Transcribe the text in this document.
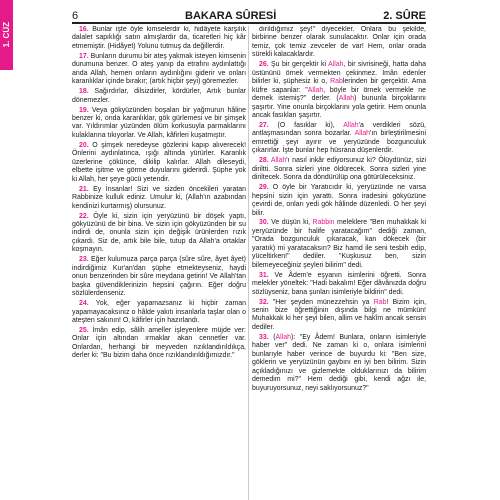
1. CÜZ
6	BAKARA SÛRESİ	2. SÛRE

16. Bunlar işte öyle kimselerdir ki, hidâyete karşılık dalalet sapıklığı satın almışlardır da, ticaretleri hiç kâr etmemiştir. (Hidâyet) Yolunu tutmuş da değillerdir.

17. Bunların durumu bir ateş yakmak isteyen kimsenin durumuna benzer. O ateş yanıp da etrafını aydınlattığı anda Allah, hemen onların aydınlığını giderir ve onları karanlıklar içinde bırakır; (artık hiçbir şeyi) göremezler.

18. Sağırdırlar, dilsizdirler, kördürler, Artık bunlar dönemezler.

19. Veya gökyüzünden boşalan bir yağmurun hâline benzer ki, onda karanlıklar, gök gürlemesi ve bir şimşek var. Yıldırımlar yüzünden ölüm korkusuyla parmaklarını kulaklarına tıkıyorlar. Ve Allah, kâfirleri kuşatmıştır.

20. O şimşek neredeyse gözlerini kapıp alıverecek! Önlerini aydınlatınca, ışığı altında yürürler. Karanlık üzerlerine çökünce, dikilip kalırlar. Allah dileseydi, elbette işitme ve görme duyularını giderirdi. Şüphe yok ki Allah, her şeye gücü yetendir.

21. Ey İnsanlar! Sizi ve sizden öncekileri yaratan Rabbinize kulluk ediniz. Umulur ki, (Allah'ın azabından kendinizi kurtarmış) olursunuz.

22. Öyle ki, sizin için yeryüzünü bir döşek yaptı, gökyüzünü de bir bina. Ve sizin için gökyüzünden bir su indirdi de, onunla sizin için değişik ürünlerden rızık çıkardı. Siz de, artık bile bile, tutup da Allah'a ortaklar koşmayın.

23. Eğer kulumuza parça parça (sûre sûre, âyet âyet) indirdiğimiz Kur'an'dan şüphe etmekteyseniz, haydi onun benzerinden bir sûre meydana getirin! Ve Allah'tan başka güvendiklerinizin hepsini çağırın. Eğer doğru sözlülerdenseniz.

24. Yok, eğer yapamazsanız ki hiçbir zaman yapamayacaksınız o hâlde yakıtı insanlarla taşlar olan o ateşten sakının! O, kâfirler için hazırlandı.

25. İmân edip, sâlih ameller işleyenlere müjde ver: Onlar için altından ırmaklar akan cennetler var. Onlardan, herhangi bir meyveden rızıklandırıldıkça, derler ki: "Bu bizim daha önce rızıklandırıldığımızdır."

dırıldığımız şey!" diyecekler. Onlara bu şekilde, birbirine benzer olarak sunulacaktır. Onlar için orada temiz, çok temiz zevceler de var! Hem, onlar orada sürekli kalacaklardır.

26. Şu bir gerçektir ki Allah, bir sivrisineği, hatta daha üstününü örnek vermekten çekinmez. İmân edenler bilirler ki, şüphesiz ki o, Rablerinden bir gerçektir. Ama küfre sapanlar: "Allah, böyle bir örnek vermekle ne demek istemiş?" derler. (Allah) bununla birçoklarını şaşırtır. Yine onunla birçoklarını yola getirir. Hem onunla ancak fasıkları şaşırtır.

27. (O fasıklar ki), Allah'a verdikleri sözü, antlaşmasından sonra bozarlar. Allah'ın birleştirilmesini emrettiği şeyi ayırır ve yeryüzünde bozgunculuk çıkarırlar. İşte bunlar hep hüsrana düşenlerdir.

28. Allah'ı nasıl inkâr ediyorsunuz ki? Ölüydünüz, sizi diriltti. Sonra sizleri yine öldürecek. Sonra sizleri yine diriltecek. Sonra da döndürülüp ona götürüleceksiniz.

29. O öyle bir Yaratıcıdır ki, yeryüzünde ne varsa hepsini sizin için yarattı. Sonra iradesini gökyüzüne çevirdi de, onları yedi gök hâlinde düzenledi. O her şeyi bilir.

30. Ve düşün ki, Rabbin meleklere "Ben muhakkak ki yeryüzünde bir halife yaratacağım" dediği zaman, "Orada bozgunculuk çıkaracak, kan dökecek (bir yaratık) mi yaratacaksın? Biz hamd ile seni tesbih edip, yüceltirken!" dediler. "Kuşkusuz ben, sizin bilemeyeceğiniz şeyleri bilirim" dedi.

31. Ve Âdem'e eşyanın isimlerini öğretti. Sonra melekler yöneltek: "Hadi bakalım! Eğer dâvânızda doğru sözlüyseniz, bana şunları isimleriyle bildirin" dedi.

32. "Her şeyden münezzehsin ya Rab! Bizim için, senin bize öğrettiğinin dışında bilgi ne mümkün! Muhakkak ki her şeyi bilen, allim ve hakîm ancak sensin dediler.

33. (Allah): "Ey Âdem! Bunlara, onların isimleriyle haber ver" dedi. Ne zaman ki o, onlara isimlerini bunlarıyle haber verince de buyurdu ki: "Ben size, göklerin ve yeryüzünün gaybını en iyi ben bilirim. Sizin açıkladığınızı ve gizlemekte olduklarınızı da bilirim demedim mi?" Hem dediği gibi, kendi ağzı ile, buyuruyorsunuz, neyi saklıyorsunuz?"
